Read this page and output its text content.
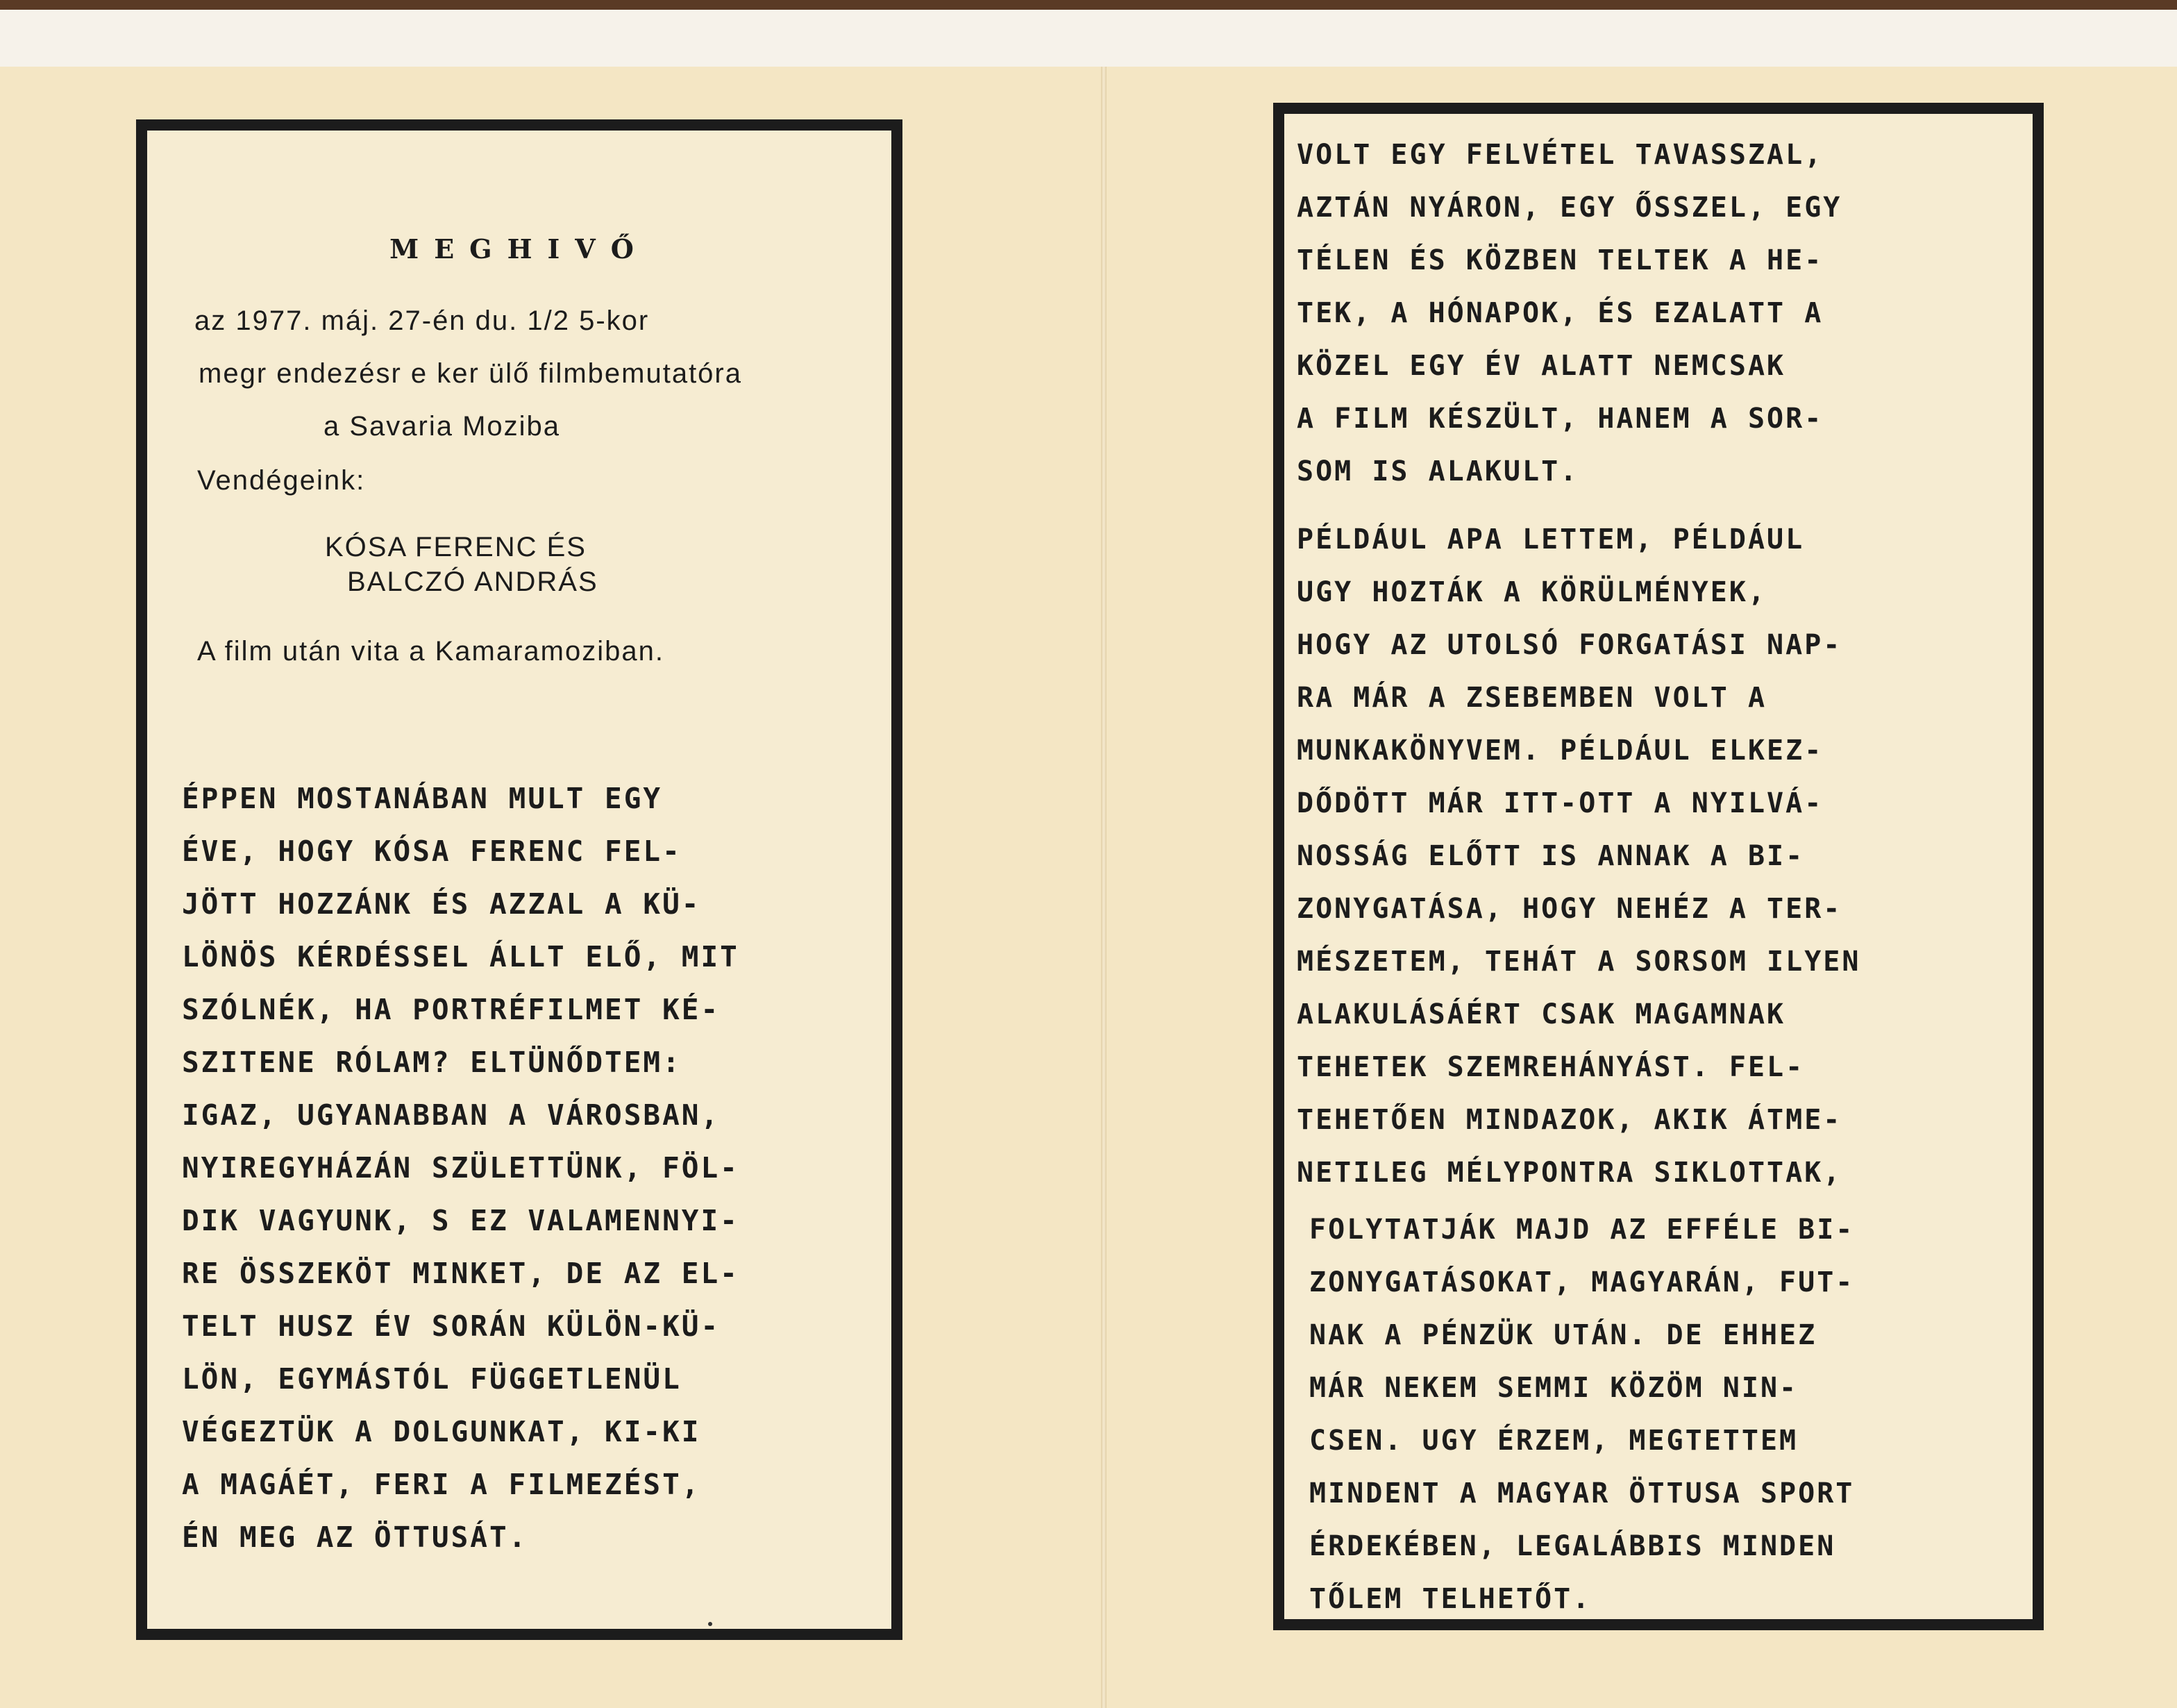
MEGHIVŐ
az 1977. máj. 27-én du. 1/2 5-kor
megr endezésr e ker ülő filmbemutatóra
a Savaria Moziba
Vendégeink:
KÓSA FERENC ÉS
BALCZÓ ANDRÁS
A film után vita a Kamaramoziban.
ÉPPEN MOSTANÁBAN MULT EGY
ÉVE, HOGY KÓSA FERENC FEL-
JÖTT HOZZÁNK ÉS AZZAL A KÜ-
LÖNÖS KÉRDÉSSEL ÁLLT ELŐ, MIT
SZÓLNÉK, HA PORTRÉFILMET KÉ-
SZITENE RÓLAM? ELTÜNŐDTEM:
IGAZ, UGYANABBAN A VÁROSBAN,
NYIREGYHÁZÁN SZÜLETTÜNK, FÖL-
DIK VAGYUNK, S EZ VALAMENNYI-
RE ÖSSZEKÖT MINKET, DE AZ EL-
TELT HUSZ ÉV SORÁN KÜLÖN-KÜ-
LÖN, EGYMÁSTÓL FÜGGETLENÜL
VÉGEZTÜK A DOLGUNKAT, KI-KI
A MAGÁÉT, FERI A FILMEZÉST,
ÉN MEG AZ ÖTTUSÁT.
VOLT EGY FELVÉTEL TAVASSZAL,
AZTÁN NYÁRON, EGY ŐSSZEL, EGY
TÉLEN ÉS KÖZBEN TELTEK A HE-
TEK, A HÓNAPOK, ÉS EZALATT A
KÖZEL EGY ÉV ALATT NEMCSAK
A FILM KÉSZÜLT, HANEM A SOR-
SOM IS ALAKULT.
PÉLDÁUL APA LETTEM, PÉLDÁUL
UGY HOZTÁK A KÖRÜLMÉNYEK,
HOGY AZ UTOLSÓ FORGATÁSI NAP-
RA MÁR A ZSEBEMBEN VOLT A
MUNKAKÖNYVEM. PÉLDÁUL ELKEZ-
DŐDÖTT MÁR ITT-OTT A NYILVÁ-
NOSSÁG ELŐTT IS ANNAK A BI-
ZONYGATÁSA, HOGY NEHÉZ A TER-
MÉSZETEM, TEHÁT A SORSOM ILYEN
ALAKULÁSÁÉRT CSAK MAGAMNAK
TEHETEK SZEMREHÁNYÁST. FEL-
TEHETŐEN MINDAZOK, AKIK ÁTME-
NETILEG MÉLYPONTRA SIKLOTTAK,
FOLYTATJÁK MAJD AZ EFFÉLE BI-
ZONYGATÁSOKAT, MAGYARÁN, FUT-
NAK A PÉNZÜK UTÁN. DE EHHEZ
MÁR NEKEM SEMMI KÖZÖM NIN-
CSEN. UGY ÉRZEM, MEGTETTEM
MINDENT A MAGYAR ÖTTUSA SPORT
ÉRDEKÉBEN, LEGALÁBBIS MINDEN
TŐLEM TELHETŐT.
